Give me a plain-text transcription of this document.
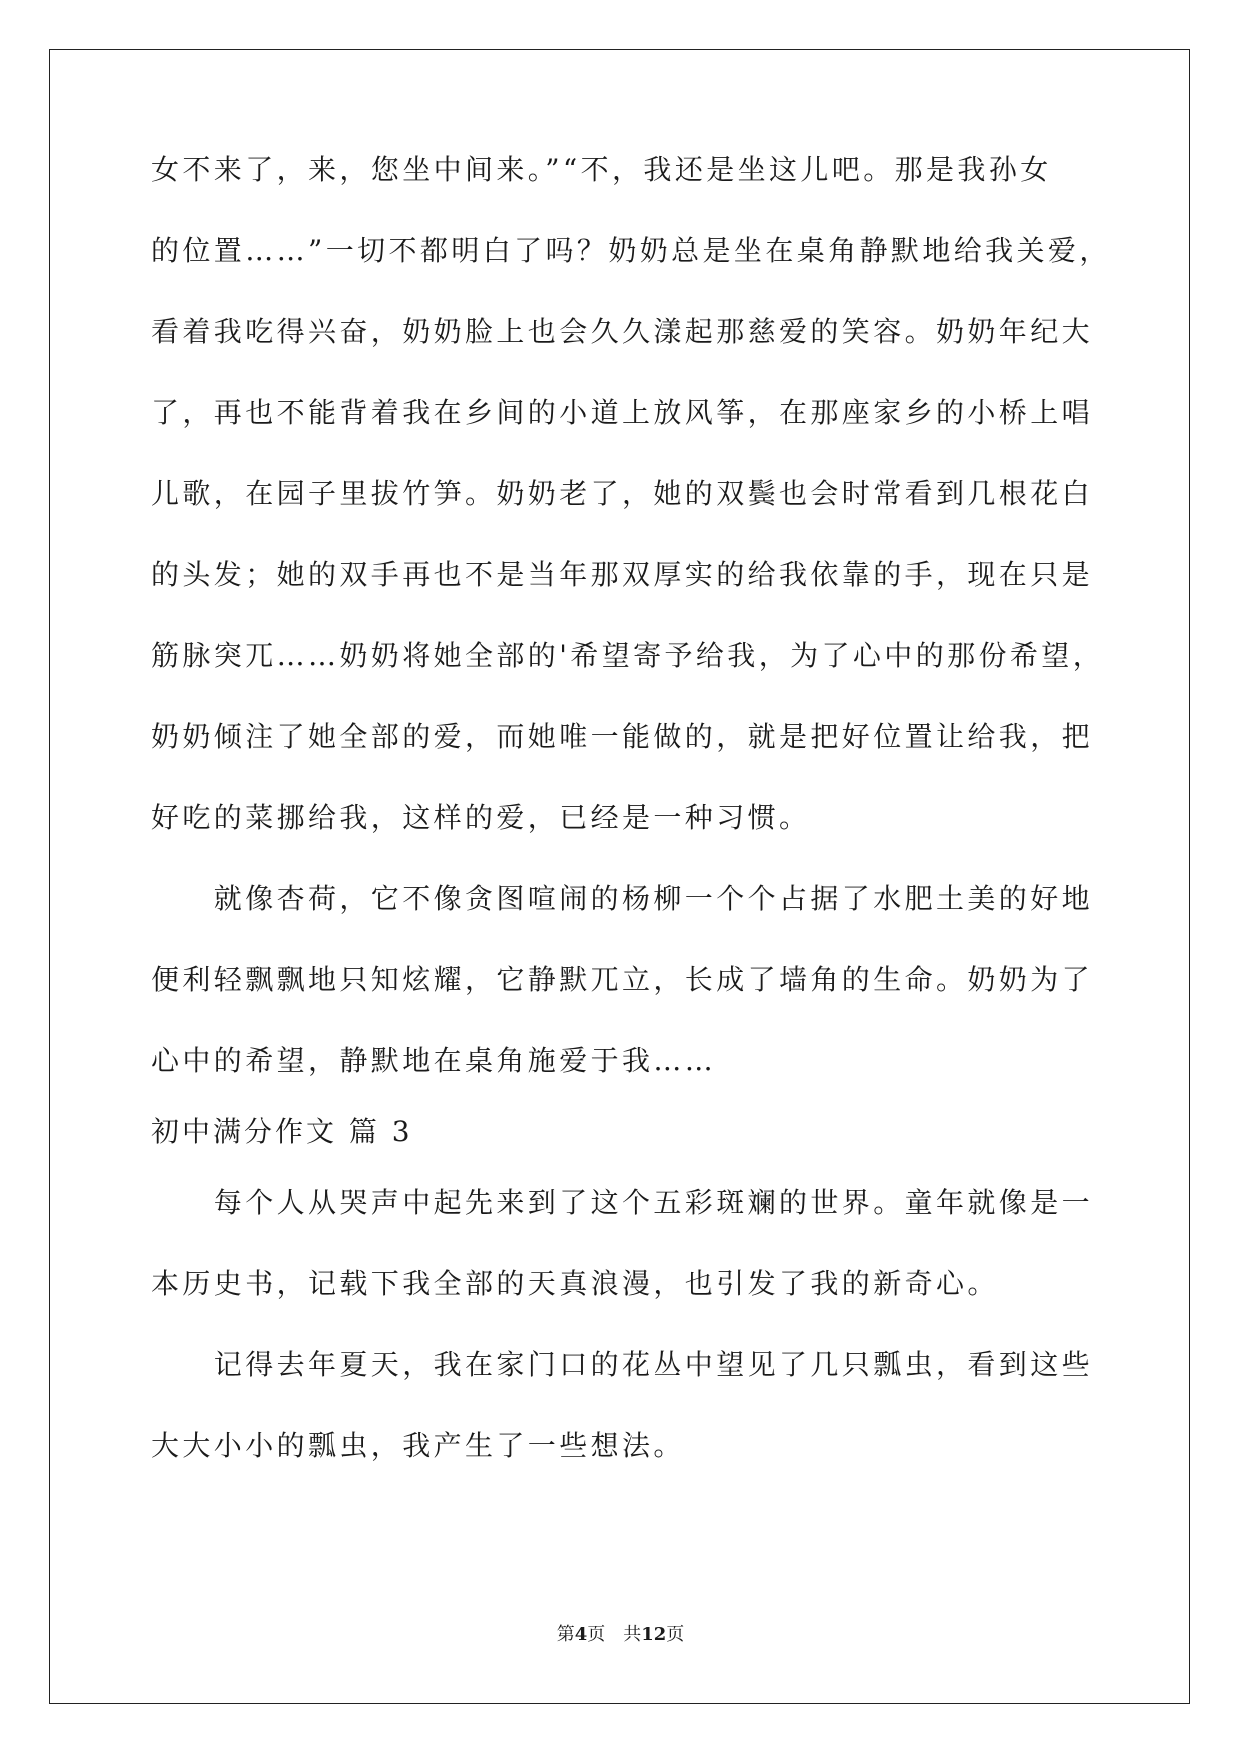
女不来了，来，您坐中间来。”“不，我还是坐这儿吧。那是我孙女
的位置……”一切不都明白了吗？奶奶总是坐在桌角静默地给我关爱，
看着我吃得兴奋，奶奶脸上也会久久漾起那慈爱的笑容。奶奶年纪大
了，再也不能背着我在乡间的小道上放风筝，在那座家乡的小桥上唱
儿歌，在园子里拔竹笋。奶奶老了，她的双鬓也会时常看到几根花白
的头发；她的双手再也不是当年那双厚实的给我依靠的手，现在只是
筋脉突兀……奶奶将她全部的'希望寄予给我，为了心中的那份希望，
奶奶倾注了她全部的爱，而她唯一能做的，就是把好位置让给我，把
好吃的菜挪给我，这样的爱，已经是一种习惯。
　　就像杏荷，它不像贪图喧闹的杨柳一个个占据了水肥土美的好地
便利轻飘飘地只知炫耀，它静默兀立，长成了墙角的生命。奶奶为了
心中的希望，静默地在桌角施爱于我……
初中满分作文 篇 3
　　每个人从哭声中起先来到了这个五彩斑斓的世界。童年就像是一
本历史书，记载下我全部的天真浪漫，也引发了我的新奇心。
　　记得去年夏天，我在家门口的花丛中望见了几只瓢虫，看到这些
大大小小的瓢虫，我产生了一些想法。
第4页　共12页
